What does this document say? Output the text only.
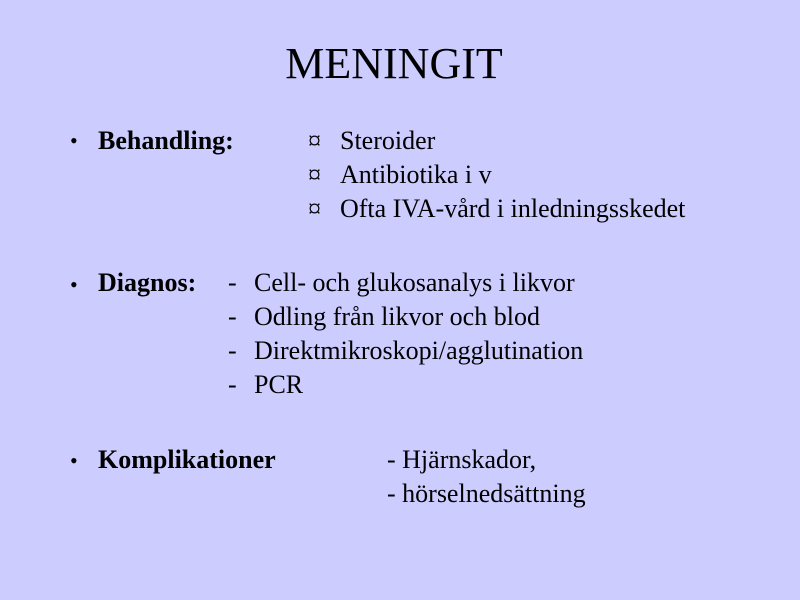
MENINGIT
• Behandling:	¤ Steroider
¤ Antibiotika i v
¤ Ofta IVA-vård i inledningsskedet
• Diagnos: - Cell- och glukosanalys i likvor
- Odling från likvor och blod
- Direktmikroskopi/agglutination
- PCR
• Komplikationer	- Hjärnskador,
- hörselnedsättning
